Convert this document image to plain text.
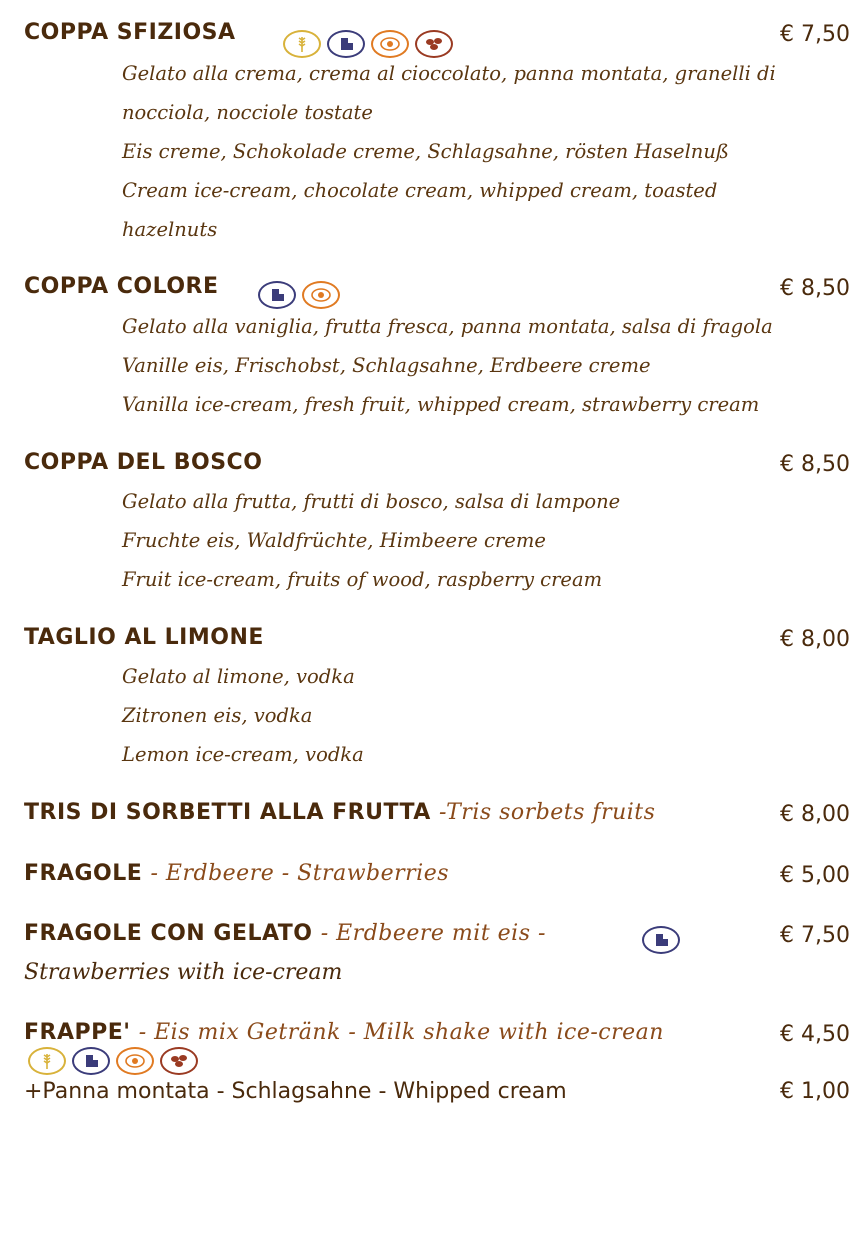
COPPA SFIZIOSA	€ 7,50
Gelato alla crema, crema al cioccolato, panna montata, granelli di
nocciola, nocciole tostate
Eis creme, Schokolade creme, Schlagsahne, rösten Haselnuß
Cream ice-cream, chocolate cream, whipped cream, toasted
hazelnuts
COPPA COLORE	€ 8,50
Gelato alla vaniglia, frutta fresca, panna montata, salsa di fragola
Vanille eis, Frischobst, Schlagsahne, Erdbeere creme
Vanilla ice-cream, fresh fruit, whipped cream, strawberry cream
COPPA DEL BOSCO	€ 8,50
Gelato alla frutta, frutti di bosco, salsa di lampone
Fruchte eis, Waldfrüchte, Himbeere creme
Fruit ice-cream, fruits of wood, raspberry cream
TAGLIO AL LIMONE	€ 8,00
Gelato al limone, vodka
Zitronen eis, vodka
Lemon ice-cream, vodka
TRIS DI SORBETTI ALLA FRUTTA -Tris sorbets fruits	€ 8,00
FRAGOLE - Erdbeere - Strawberries	€ 5,00
FRAGOLE CON GELATO - Erdbeere mit eis -	€ 7,50
Strawberries with ice-cream
FRAPPE' - Eis mix Getränk - Milk shake with ice-crean	€ 4,50
+Panna montata - Schlagsahne - Whipped cream	€ 1,00
